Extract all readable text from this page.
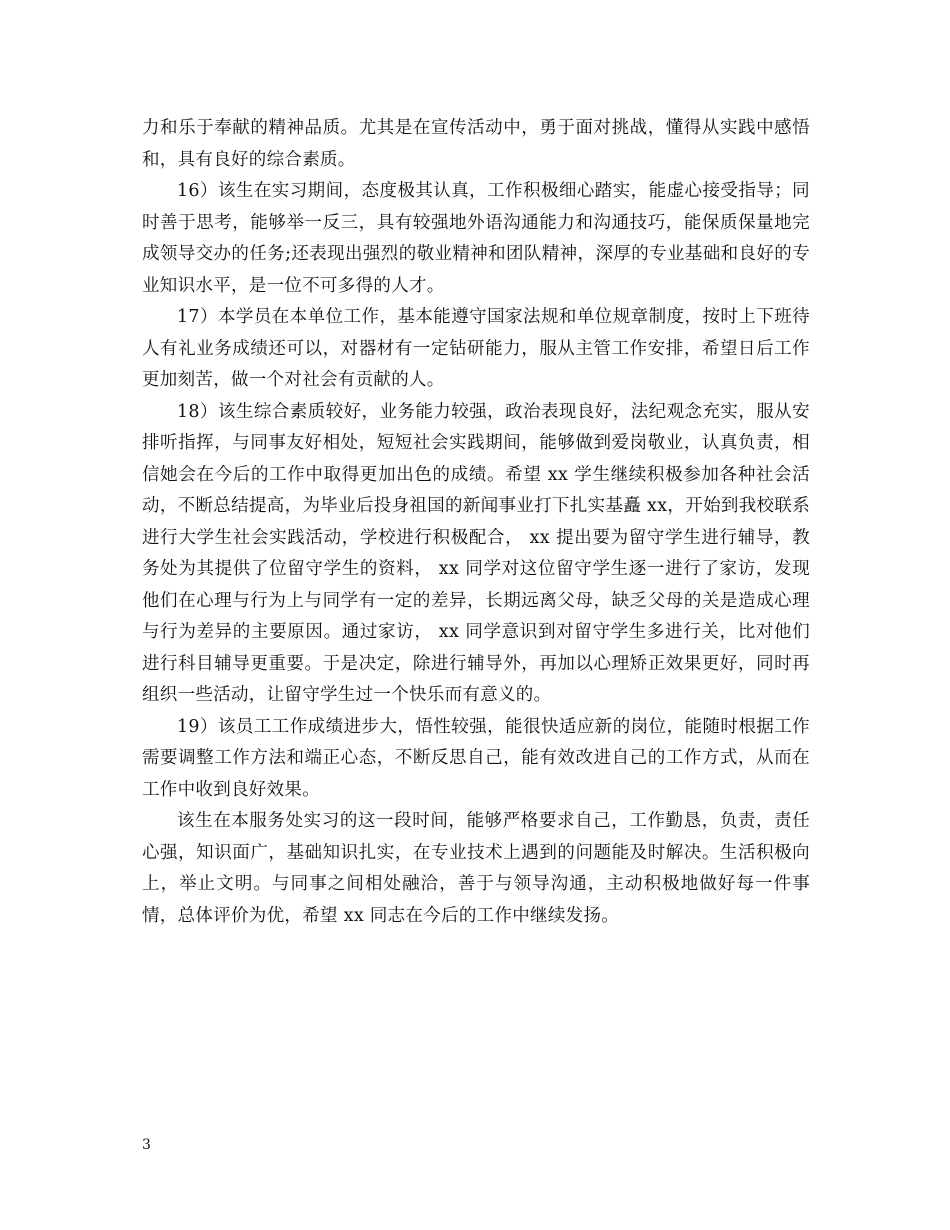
力和乐于奉献的精神品质。尤其是在宣传活动中，勇于面对挑战，懂得从实践中感悟和，具有良好的综合素质。

16）该生在实习期间，态度极其认真，工作积极细心踏实，能虚心接受指导；同时善于思考，能够举一反三，具有较强地外语沟通能力和沟通技巧，能保质保量地完成领导交办的任务;还表现出强烈的敬业精神和团队精神，深厚的专业基础和良好的专业知识水平，是一位不可多得的人才。

17）本学员在本单位工作，基本能遵守国家法规和单位规章制度，按时上下班待人有礼业务成绩还可以，对器材有一定钻研能力，服从主管工作安排，希望日后工作更加刻苦，做一个对社会有贡献的人。

18）该生综合素质较好，业务能力较强，政治表现良好，法纪观念充实，服从安排听指挥，与同事友好相处，短短社会实践期间，能够做到爱岗敬业，认真负责，相信她会在今后的工作中取得更加出色的成绩。希望 xx 学生继续积极参加各种社会活动，不断总结提高，为毕业后投身祖国的新闻事业打下扎实基矗 xx，开始到我校联系进行大学生社会实践活动，学校进行积极配合， xx 提出要为留守学生进行辅导，教务处为其提供了位留守学生的资料， xx 同学对这位留守学生逐一进行了家访，发现他们在心理与行为上与同学有一定的差异，长期远离父母，缺乏父母的关是造成心理与行为差异的主要原因。通过家访， xx 同学意识到对留守学生多进行关，比对他们进行科目辅导更重要。于是决定，除进行辅导外，再加以心理矫正效果更好，同时再组织一些活动，让留守学生过一个快乐而有意义的。

19）该员工工作成绩进步大，悟性较强，能很快适应新的岗位，能随时根据工作需要调整工作方法和端正心态，不断反思自己，能有效改进自己的工作方式，从而在工作中收到良好效果。

该生在本服务处实习的这一段时间，能够严格要求自己，工作勤恳，负责，责任心强，知识面广，基础知识扎实，在专业技术上遇到的问题能及时解决。生活积极向上，举止文明。与同事之间相处融洽，善于与领导沟通，主动积极地做好每一件事情，总体评价为优，希望 xx 同志在今后的工作中继续发扬。

3
